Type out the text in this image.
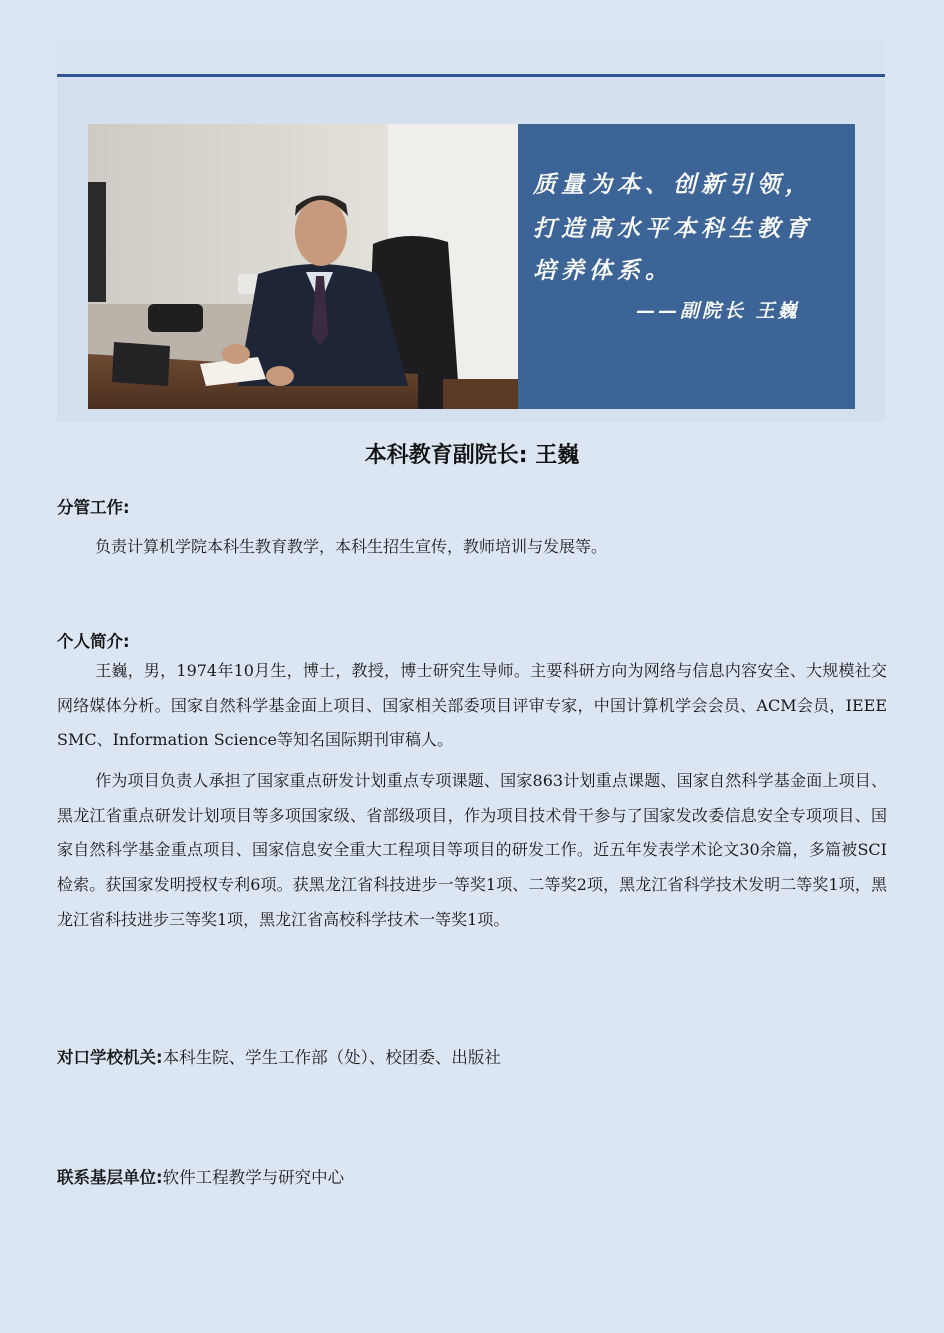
质量为本、创新引领，
打造高水平本科生教育
培养体系。
——副院长 王巍
本科教育副院长: 王巍
分管工作:
负责计算机学院本科生教育教学，本科生招生宣传，教师培训与发展等。
个人简介:
王巍，男，1974年10月生，博士，教授，博士研究生导师。主要科研方向为网络与信息内容安全、大规模社交网络媒体分析。国家自然科学基金面上项目、国家相关部委项目评审专家，中国计算机学会会员、ACM会员，IEEE SMC、Information Science等知名国际期刊审稿人。
作为项目负责人承担了国家重点研发计划重点专项课题、国家863计划重点课题、国家自然科学基金面上项目、黑龙江省重点研发计划项目等多项国家级、省部级项目，作为项目技术骨干参与了国家发改委信息安全专项项目、国家自然科学基金重点项目、国家信息安全重大工程项目等项目的研发工作。近五年发表学术论文30余篇，多篇被SCI检索。获国家发明授权专利6项。获黑龙江省科技进步一等奖1项、二等奖2项，黑龙江省科学技术发明二等奖1项，黑龙江省科技进步三等奖1项，黑龙江省高校科学技术一等奖1项。
对口学校机关:本科生院、学生工作部（处）、校团委、出版社
联系基层单位:软件工程教学与研究中心
